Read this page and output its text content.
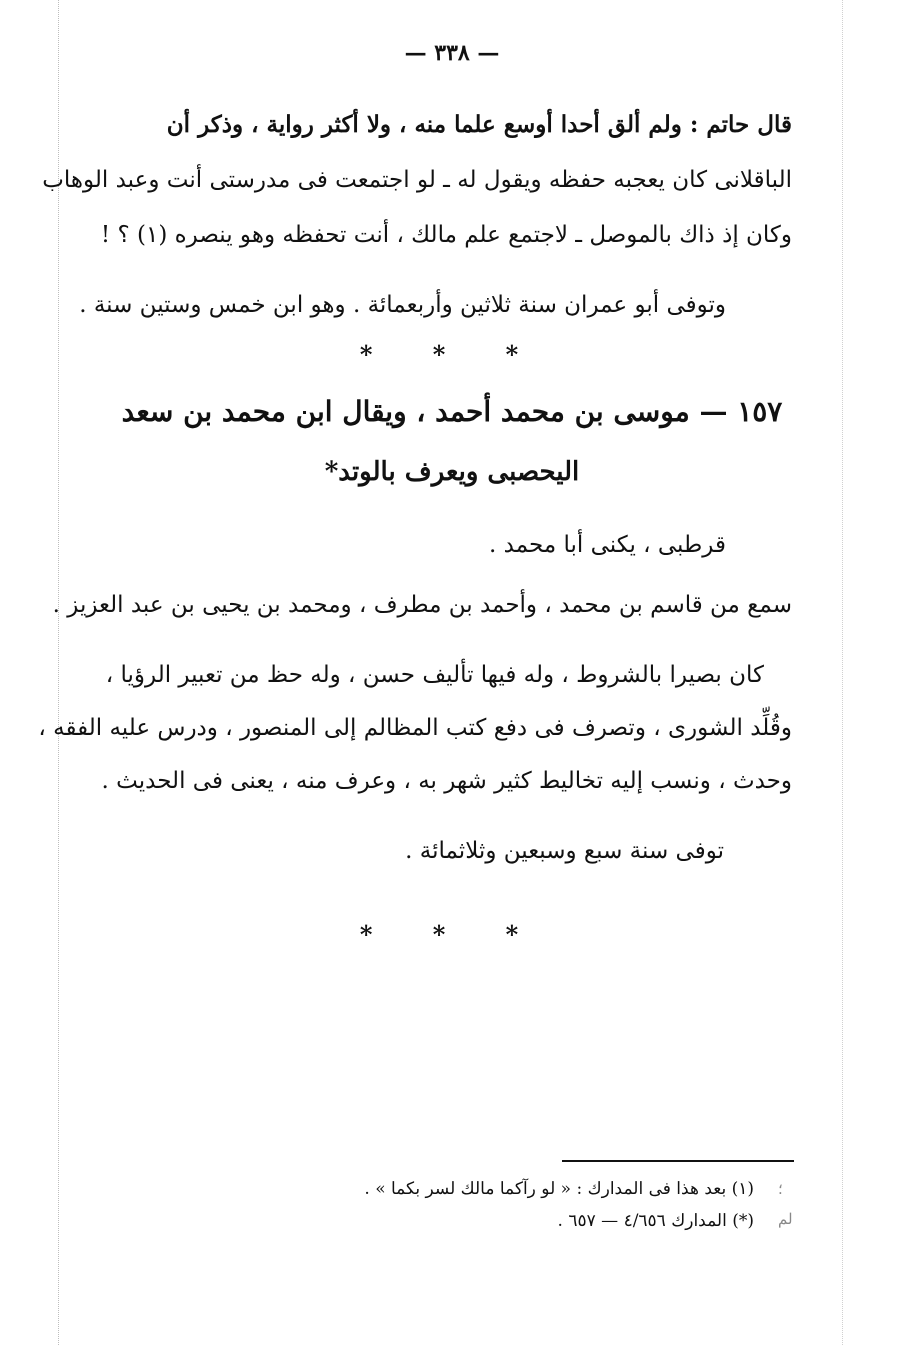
— ٣٣٨ —
قال حاتم : ولم ألق أحدا أوسع علما منه ، ولا أكثر رواية ، وذكر أن
الباقلانى كان يعجبه حفظه ويقول له ـ لو اجتمعت فى مدرستى أنت وعبد الوهاب
وكان إذ ذاك بالموصل ـ لاجتمع علم مالك ، أنت تحفظه وهو ينصره (١) ؟ !
وتوفى أبو عمران سنة ثلاثين وأربعمائة . وهو ابن خمس وستين سنة .
* * *
١٥٧ — موسى بن محمد أحمد ، ويقال ابن محمد بن سعد
اليحصبى ويعرف بالوتد*
قرطبى ، يكنى أبا محمد .
سمع من قاسم بن محمد ، وأحمد بن مطرف ، ومحمد بن يحيى بن عبد العزيز .
كان بصيرا بالشروط ، وله فيها تأليف حسن ، وله حظ من تعبير الرؤيا ،
وقُلِّد الشورى ، وتصرف فى دفع كتب المظالم إلى المنصور ، ودرس عليه الفقه ،
وحدث ، ونسب إليه تخاليط كثير شهر به ، وعرف منه ، يعنى فى الحديث .
توفى سنة سبع وسبعين وثلاثمائة .
* * *
(١) بعد هذا فى المدارك : « لو رآكما مالك لسر بكما » .
(*) المدارك ٤/٦٥٦ — ٦٥٧ .
؛
لم
